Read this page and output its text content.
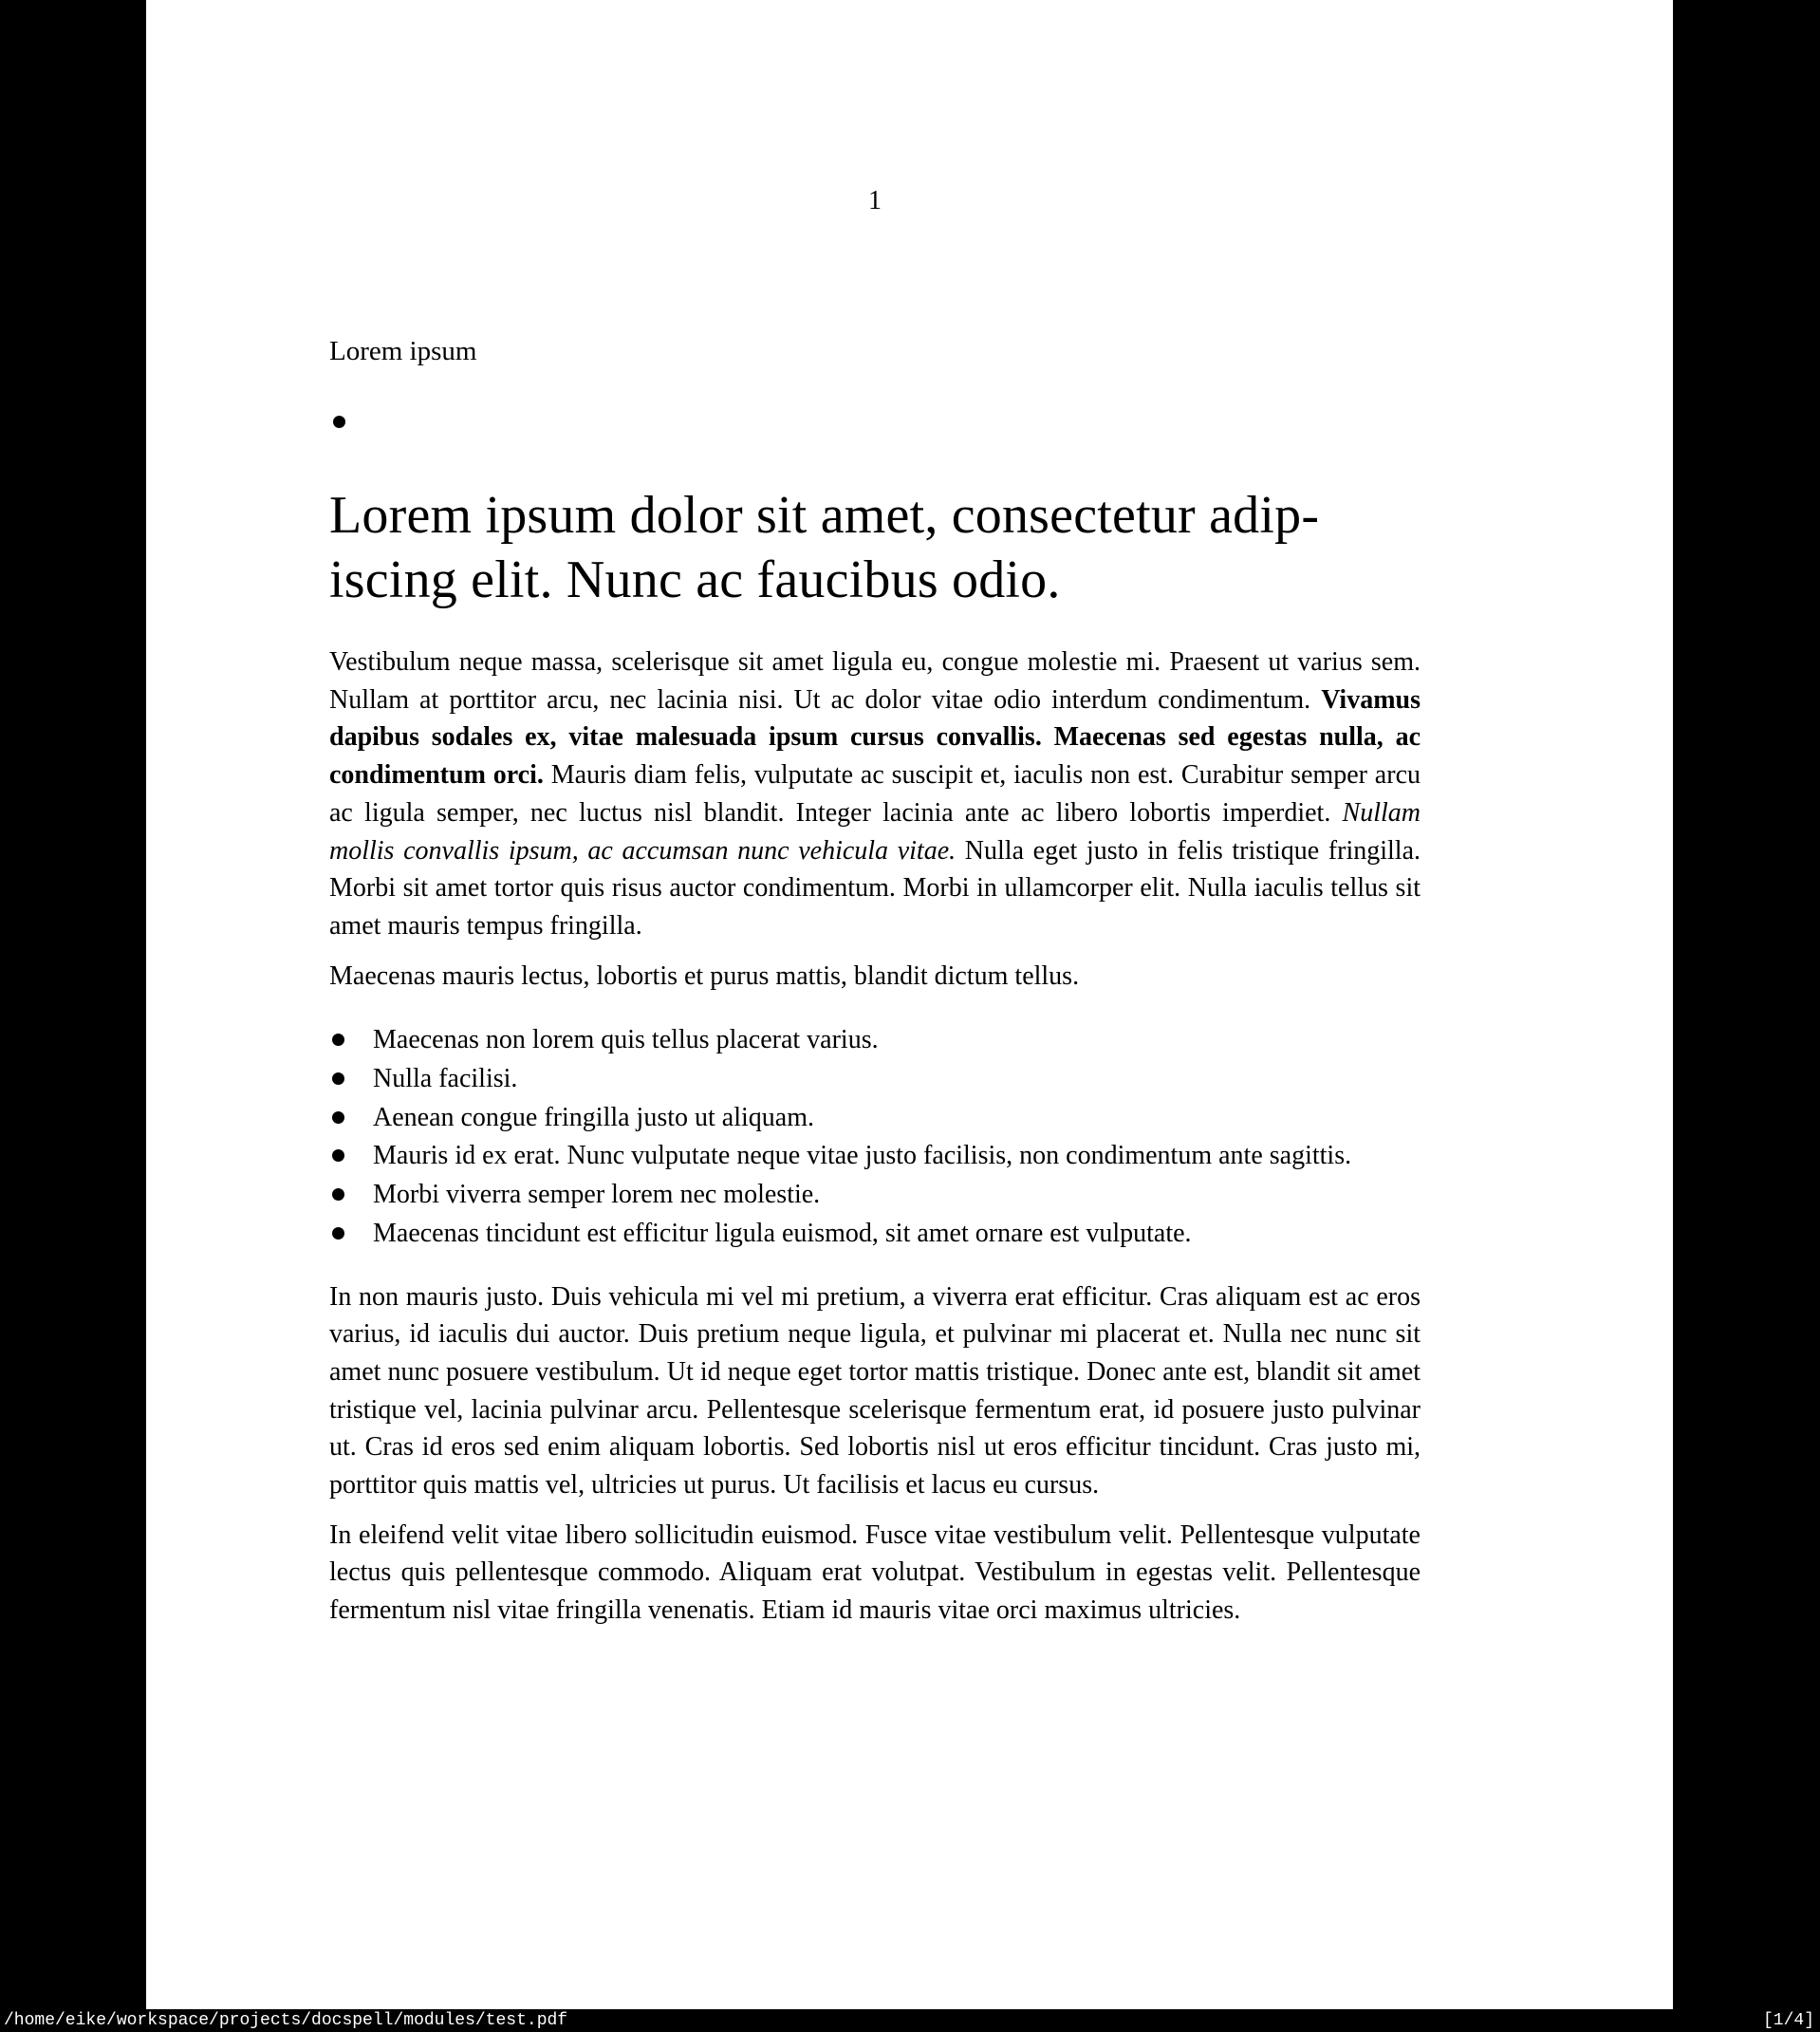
1
Lorem ipsum
Lorem ipsum dolor sit amet, consectetur adip-
iscing elit. Nunc ac faucibus odio.

Vestibulum neque massa, scelerisque sit amet ligula eu, congue molestie mi. Praesent ut varius sem. Nullam at porttitor arcu, nec lacinia nisi. Ut ac dolor vitae odio interdum condimentum. Vivamus dapibus sodales ex, vitae malesuada ipsum cursus convallis. Maecenas sed egestas nulla, ac condimentum orci. Mauris diam felis, vulputate ac suscipit et, iaculis non est. Curabitur semper arcu ac ligula semper, nec luctus nisl blandit. Integer lacinia ante ac libero lobortis imperdiet. Nullam mollis convallis ipsum, ac accumsan nunc vehicula vitae. Nulla eget justo in felis tristique fringilla. Morbi sit amet tortor quis risus auctor condimentum. Morbi in ullamcorper elit. Nulla iaculis tellus sit amet mauris tempus fringilla.

Maecenas mauris lectus, lobortis et purus mattis, blandit dictum tellus.

Maecenas non lorem quis tellus placerat varius.
Nulla facilisi.
Aenean congue fringilla justo ut aliquam.
Mauris id ex erat. Nunc vulputate neque vitae justo facilisis, non condimentum ante sagittis.
Morbi viverra semper lorem nec molestie.
Maecenas tincidunt est efficitur ligula euismod, sit amet ornare est vulputate.

In non mauris justo. Duis vehicula mi vel mi pretium, a viverra erat efficitur. Cras aliquam est ac eros varius, id iaculis dui auctor. Duis pretium neque ligula, et pulvinar mi placerat et. Nulla nec nunc sit amet nunc posuere vestibulum. Ut id neque eget tortor mattis tristique. Donec ante est, blandit sit amet tristique vel, lacinia pulvinar arcu. Pellentesque scelerisque fermentum erat, id posuere justo pulvinar ut. Cras id eros sed enim aliquam lobortis. Sed lobortis nisl ut eros efficitur tincidunt. Cras justo mi, porttitor quis mattis vel, ultricies ut purus. Ut facilisis et lacus eu cursus.

In eleifend velit vitae libero sollicitudin euismod. Fusce vitae vestibulum velit. Pellentesque vulputate lectus quis pellentesque commodo. Aliquam erat volutpat. Vestibulum in egestas velit. Pellentesque fermentum nisl vitae fringilla venenatis. Etiam id mauris vitae orci maximus ultricies.

/home/eike/workspace/projects/docspell/modules/test.pdf	[1/4]
